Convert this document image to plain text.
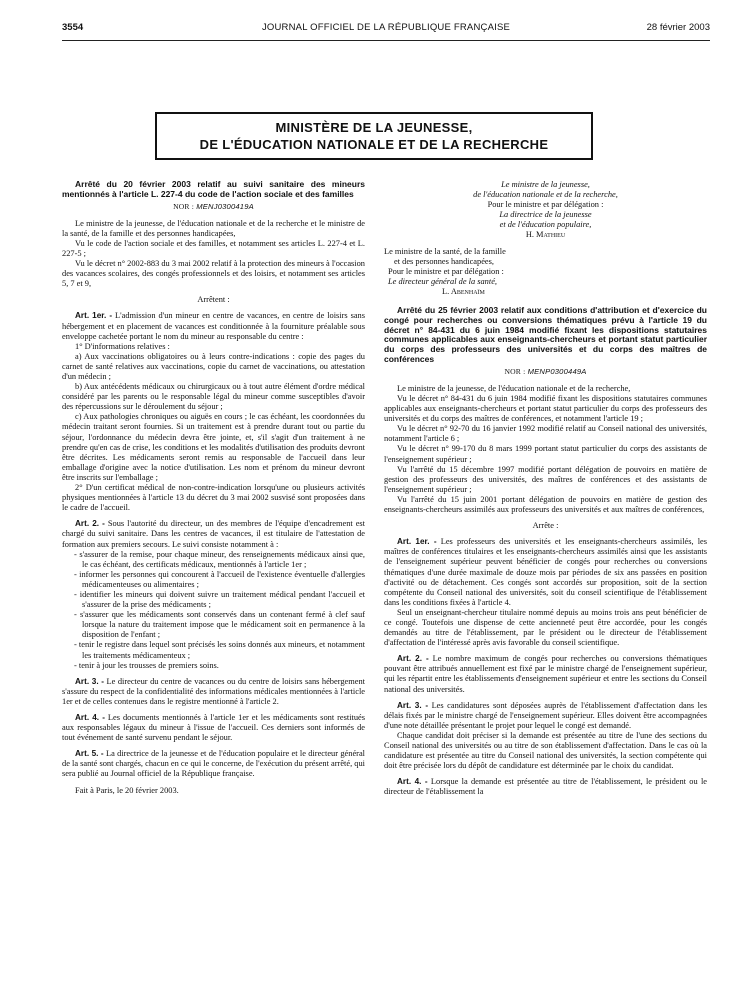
3554	JOURNAL OFFICIEL DE LA RÉPUBLIQUE FRANÇAISE	28 février 2003
MINISTÈRE DE LA JEUNESSE,
DE L'ÉDUCATION NATIONALE ET DE LA RECHERCHE

Arrêté du 20 février 2003 relatif au suivi sanitaire des mineurs mentionnés à l'article L. 227-4 du code de l'action sociale et des familles

NOR : MENJ0300419A

Le ministre de la jeunesse, de l'éducation nationale et de la recherche et le ministre de la santé, de la famille et des personnes handicapées,

Vu le code de l'action sociale et des familles, et notamment ses articles L. 227-4 et L. 227-5 ;

Vu le décret n° 2002-883 du 3 mai 2002 relatif à la protection des mineurs à l'occasion des vacances scolaires, des congés professionnels et des loisirs, et notamment ses articles 5, 7 et 9,

Arrêtent :

Art. 1er. - L'admission d'un mineur en centre de vacances, en centre de loisirs sans hébergement et en placement de vacances est conditionnée à la fourniture préalable sous enveloppe cachetée portant le nom du mineur au responsable du centre :

1° D'informations relatives :

a) Aux vaccinations obligatoires ou à leurs contre-indications : copie des pages du carnet de santé relatives aux vaccinations, copie du carnet de vaccinations, ou attestation d'un médecin ;

b) Aux antécédents médicaux ou chirurgicaux ou à tout autre élément d'ordre médical considéré par les parents ou le responsable légal du mineur comme susceptibles d'avoir des répercussions sur le déroulement du séjour ;

c) Aux pathologies chroniques ou aiguës en cours ; le cas échéant, les coordonnées du médecin traitant seront fournies. Si un traitement est à prendre durant tout ou partie du séjour, l'ordonnance du médecin devra être jointe, et, s'il s'agit d'un traitement à ne prendre qu'en cas de crise, les conditions et les modalités d'utilisation des produits devront être décrites. Les médicaments seront remis au responsable de l'accueil dans leur emballage d'origine avec la notice d'utilisation. Les nom et prénom du mineur devront être inscrits sur l'emballage ;

2° D'un certificat médical de non-contre-indication lorsqu'une ou plusieurs activités physiques mentionnées à l'article 13 du décret du 3 mai 2002 susvisé sont proposées dans le cadre de l'accueil.

Art. 2. - Sous l'autorité du directeur, un des membres de l'équipe d'encadrement est chargé du suivi sanitaire. Dans les centres de vacances, il est titulaire de l'attestation de formation aux premiers secours. Le suivi consiste notamment à :

- s'assurer de la remise, pour chaque mineur, des renseignements médicaux ainsi que, le cas échéant, des certificats médicaux, mentionnés à l'article 1er ;
- informer les personnes qui concourent à l'accueil de l'existence éventuelle d'allergies médicamenteuses ou alimentaires ;
- identifier les mineurs qui doivent suivre un traitement médical pendant l'accueil et s'assurer de la prise des médicaments ;
- s'assurer que les médicaments sont conservés dans un contenant fermé à clef sauf lorsque la nature du traitement impose que le médicament soit en permanence à la disposition de l'enfant ;
- tenir le registre dans lequel sont précisés les soins donnés aux mineurs, et notamment les traitements médicamenteux ;
- tenir à jour les trousses de premiers soins.

Art. 3. - Le directeur du centre de vacances ou du centre de loisirs sans hébergement s'assure du respect de la confidentialité des informations médicales mentionnées à l'article 1er et de celles contenues dans le registre mentionné à l'article 2.

Art. 4. - Les documents mentionnés à l'article 1er et les médicaments sont restitués aux responsables légaux du mineur à l'issue de l'accueil. Ces derniers sont informés de tout événement de santé survenu pendant le séjour.

Art. 5. - La directrice de la jeunesse et de l'éducation populaire et le directeur général de la santé sont chargés, chacun en ce qui le concerne, de l'exécution du présent arrêté, qui sera publié au Journal officiel de la République française.

Fait à Paris, le 20 février 2003.

Le ministre de la jeunesse,

de l'éducation nationale et de la recherche,

Pour le ministre et par délégation :

La directrice de la jeunesse

et de l'éducation populaire,

H. Mathieu

Le ministre de la santé, de la famille

et des personnes handicapées,

Pour le ministre et par délégation :

Le directeur général de la santé,

L. Abenhaïm

Arrêté du 25 février 2003 relatif aux conditions d'attribution et d'exercice du congé pour recherches ou conversions thématiques prévu à l'article 19 du décret n° 84-431 du 6 juin 1984 modifié fixant les dispositions statutaires communes applicables aux enseignants-chercheurs et portant statut particulier du corps des professeurs des universités et du corps des maîtres de conférences

NOR : MENP0300449A

Le ministre de la jeunesse, de l'éducation nationale et de la recherche,

Vu le décret n° 84-431 du 6 juin 1984 modifié fixant les dispositions statutaires communes applicables aux enseignants-chercheurs et portant statut particulier du corps des professeurs des universités et du corps des maîtres de conférences, et notamment l'article 19 ;

Vu le décret n° 92-70 du 16 janvier 1992 modifié relatif au Conseil national des universités, notamment l'article 6 ;

Vu le décret n° 99-170 du 8 mars 1999 portant statut particulier du corps des assistants de l'enseignement supérieur ;

Vu l'arrêté du 15 décembre 1997 modifié portant délégation de pouvoirs en matière de gestion des professeurs des universités, des maîtres de conférences et des assistants de l'enseignement supérieur ;

Vu l'arrêté du 15 juin 2001 portant délégation de pouvoirs en matière de gestion des enseignants-chercheurs assimilés aux professeurs des universités et aux maîtres de conférences,

Arrête :

Art. 1er. - Les professeurs des universités et les enseignants-chercheurs assimilés, les maîtres de conférences titulaires et les enseignants-chercheurs assimilés ainsi que les assistants de l'enseignement supérieur peuvent bénéficier de congés pour recherches ou conversions thématiques d'une durée maximale de douze mois par périodes de six ans passées en position d'activité ou de détachement. Ces congés sont accordés sur proposition, soit de la section compétente du Conseil national des universités, soit du conseil scientifique de l'établissement dans les conditions fixées à l'article 4.

Seul un enseignant-chercheur titulaire nommé depuis au moins trois ans peut bénéficier de ce congé. Toutefois une dispense de cette ancienneté peut être accordée, pour les congés demandés au titre de l'établissement, par le président ou le directeur de l'établissement d'affectation de l'intéressé après avis favorable du conseil scientifique.

Art. 2. - Le nombre maximum de congés pour recherches ou conversions thématiques pouvant être attribués annuellement est fixé par le ministre chargé de l'enseignement supérieur, qui les répartit entre les établissements d'enseignement supérieur et entre les sections du Conseil national des universités.

Art. 3. - Les candidatures sont déposées auprès de l'établissement d'affectation dans les délais fixés par le ministre chargé de l'enseignement supérieur. Elles doivent être accompagnées d'une note détaillée présentant le projet pour lequel le congé est demandé.

Chaque candidat doit préciser si la demande est présentée au titre de l'une des sections du Conseil national des universités ou au titre de son établissement d'affectation. Dans le cas où la candidature est présentée au titre du Conseil national des universités, la section compétente qui doit être précisée lors du dépôt de candidature est déterminée par le choix du candidat.

Art. 4. - Lorsque la demande est présentée au titre de l'établissement, le président ou le directeur de l'établissement la
